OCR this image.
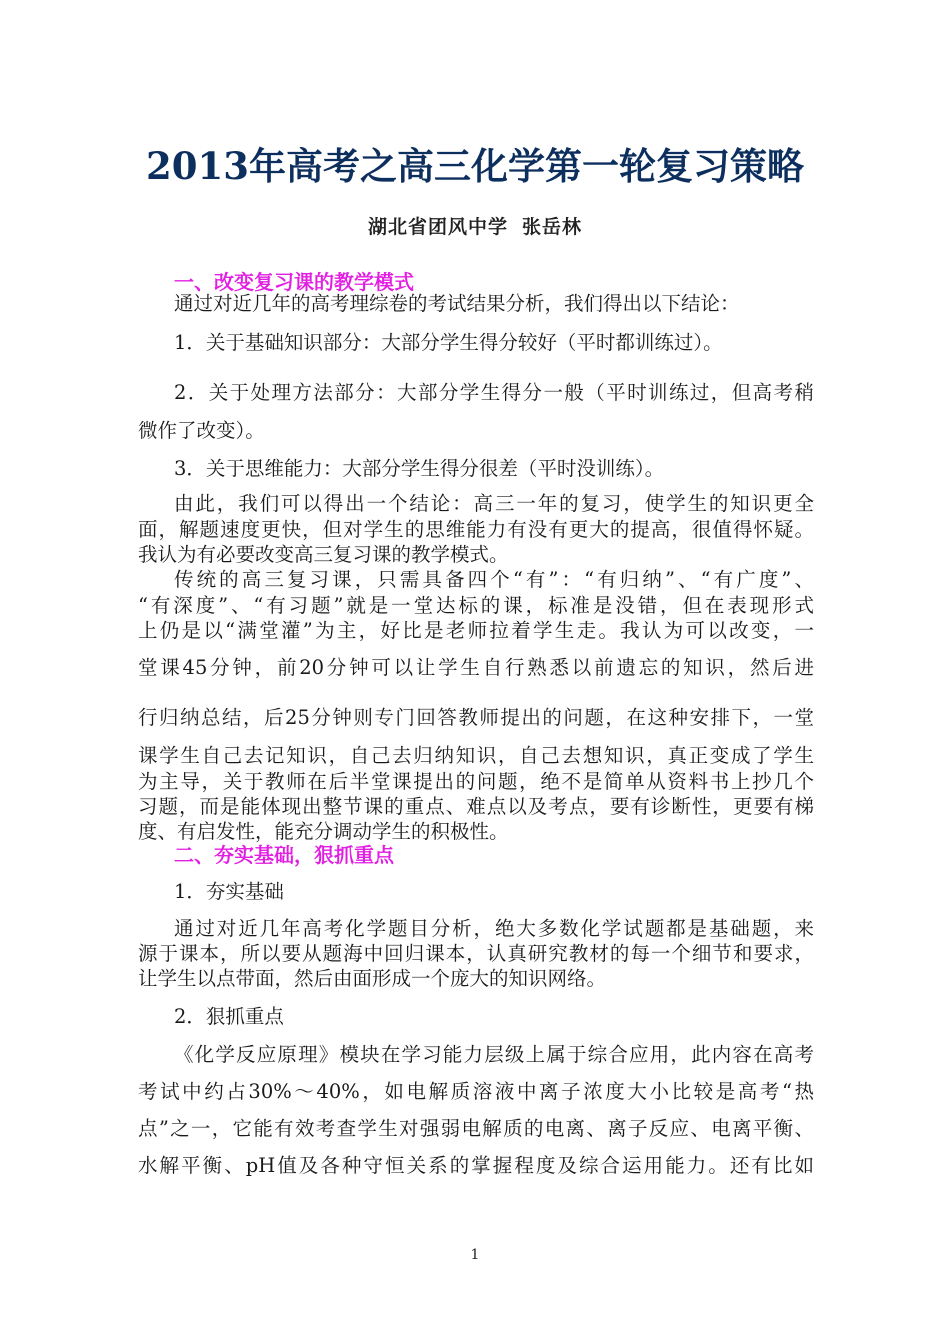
2013年高考之高三化学第一轮复习策略
湖北省团风中学 张岳林
一、改变复习课的教学模式
通过对近几年的高考理综卷的考试结果分析，我们得出以下结论：
1．关于基础知识部分：大部分学生得分较好（平时都训练过）。
2．关于处理方法部分：大部分学生得分一般（平时训练过，但高考稍
微作了改变）。
3．关于思维能力：大部分学生得分很差（平时没训练）。
由此，我们可以得出一个结论：高三一年的复习，使学生的知识更全
面，解题速度更快，但对学生的思维能力有没有更大的提高，很值得怀疑。
我认为有必要改变高三复习课的教学模式。
传统的高三复习课，只需具备四个“有”：“有归纳”、“有广度”、
“有深度”、“有习题”就是一堂达标的课，标准是没错，但在表现形式
上仍是以“满堂灌”为主，好比是老师拉着学生走。我认为可以改变，一
堂课45分钟，前20分钟可以让学生自行熟悉以前遗忘的知识，然后进
行归纳总结，后25分钟则专门回答教师提出的问题，在这种安排下，一堂
课学生自己去记知识，自己去归纳知识，自己去想知识，真正变成了学生
为主导，关于教师在后半堂课提出的问题，绝不是简单从资料书上抄几个
习题，而是能体现出整节课的重点、难点以及考点，要有诊断性，更要有梯
度、有启发性，能充分调动学生的积极性。
二、夯实基础，狠抓重点
1．夯实基础
通过对近几年高考化学题目分析，绝大多数化学试题都是基础题，来
源于课本，所以要从题海中回归课本，认真研究教材的每一个细节和要求，
让学生以点带面，然后由面形成一个庞大的知识网络。
2．狠抓重点
《化学反应原理》模块在学习能力层级上属于综合应用，此内容在高考
考试中约占30%～40%，如电解质溶液中离子浓度大小比较是高考“热
点”之一，它能有效考查学生对强弱电解质的电离、离子反应、电离平衡、
水解平衡、pH值及各种守恒关系的掌握程度及综合运用能力。还有比如
1
